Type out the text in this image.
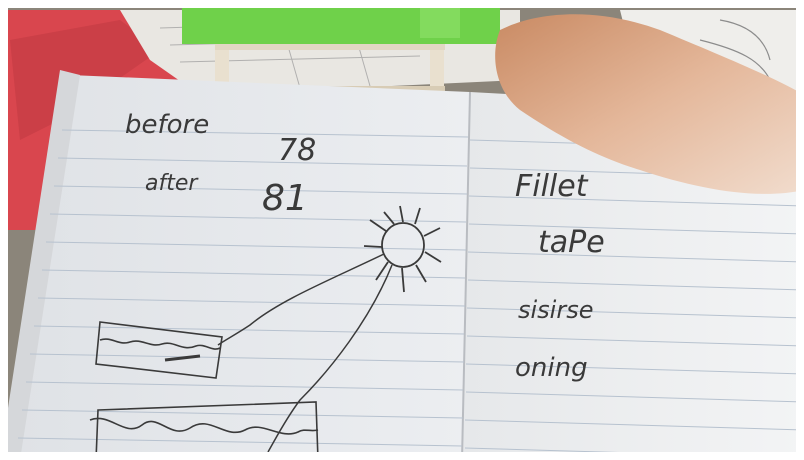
before
78
after 81	Fillet
taPe
sisirse
oning
